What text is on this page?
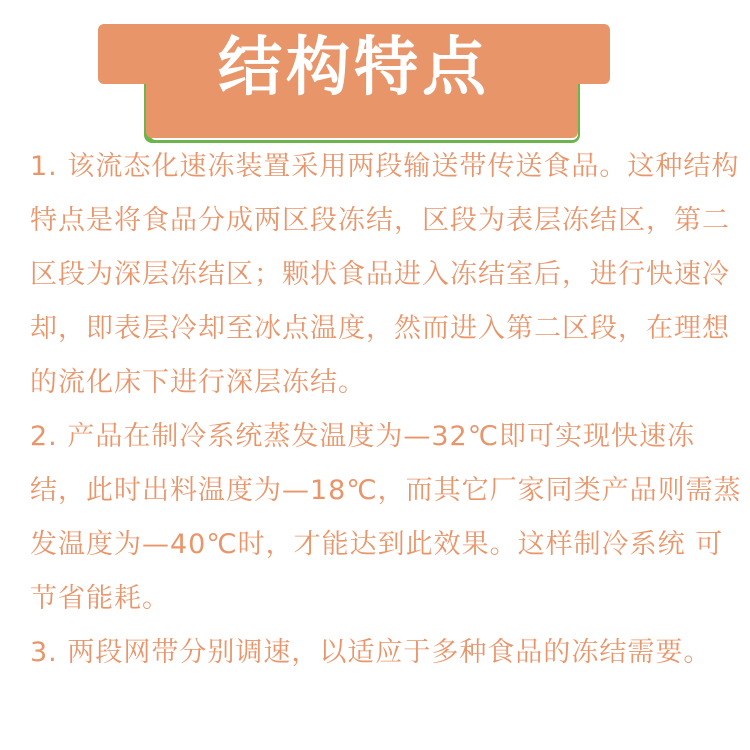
结构特点

1. 该流态化速冻装置采用两段输送带传送食品。这种结构特点是将食品分成两区段冻结，区段为表层冻结区，第二区段为深层冻结区；颗状食品进入冻结室后，进行快速冷却，即表层冷却至冰点温度，然而进入第二区段，在理想的流化床下进行深层冻结。

2. 产品在制冷系统蒸发温度为—32℃即可实现快速冻结，此时出料温度为—18℃，而其它厂家同类产品则需蒸发温度为—40℃时，才能达到此效果。这样制冷系统 可节省能耗。

3. 两段网带分别调速，以适应于多种食品的冻结需要。
